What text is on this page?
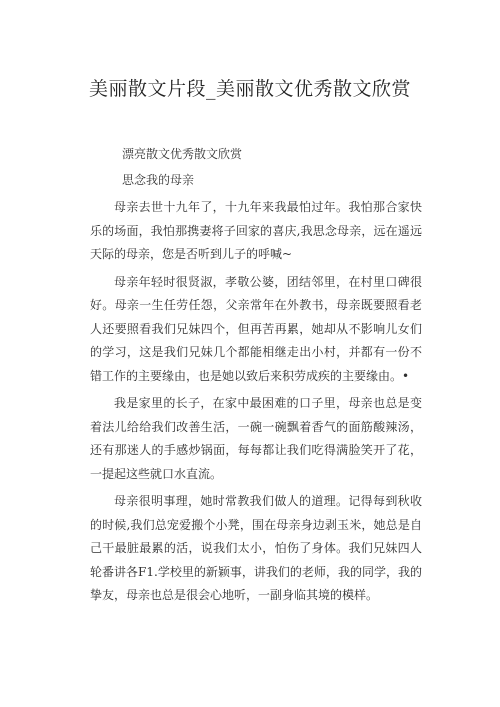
美丽散文片段_美丽散文优秀散文欣赏
漂亮散文优秀散文欣赏
思念我的母亲

母亲去世十九年了，十九年来我最怕过年。我怕那合家快乐的场面，我怕那携妻将子回家的喜庆,我思念母亲，远在遥远天际的母亲，您是否听到儿子的呼喊~

母亲年轻时很贤淑，孝敬公婆，团结邻里，在村里口碑很好。母亲一生任劳任怨，父亲常年在外教书，母亲既要照看老人还要照看我们兄妹四个，但再苦再累，她却从不影响儿女们的学习，这是我们兄妹几个都能相继走出小村，并都有一份不错工作的主要缘由，也是她以致后来积劳成疾的主要缘由。•

我是家里的长子，在家中最困难的口子里，母亲也总是变着法儿给给我们改善生活，一碗一碗飘着香气的面筋酸辣汤，还有那迷人的手感炒锅面，每每都让我们吃得满脸笑开了花，一提起这些就口水直流。

母亲很明事理，她时常教我们做人的道理。记得每到秋收的时候,我们总宠爱搬个小凳，围在母亲身边剥玉米，她总是自己干最脏最累的活，说我们太小，怕伤了身体。我们兄妹四人轮番讲各F1.学校里的新颖事，讲我们的老师，我的同学，我的挚友，母亲也总是很会心地听，一副身临其境的模样。
